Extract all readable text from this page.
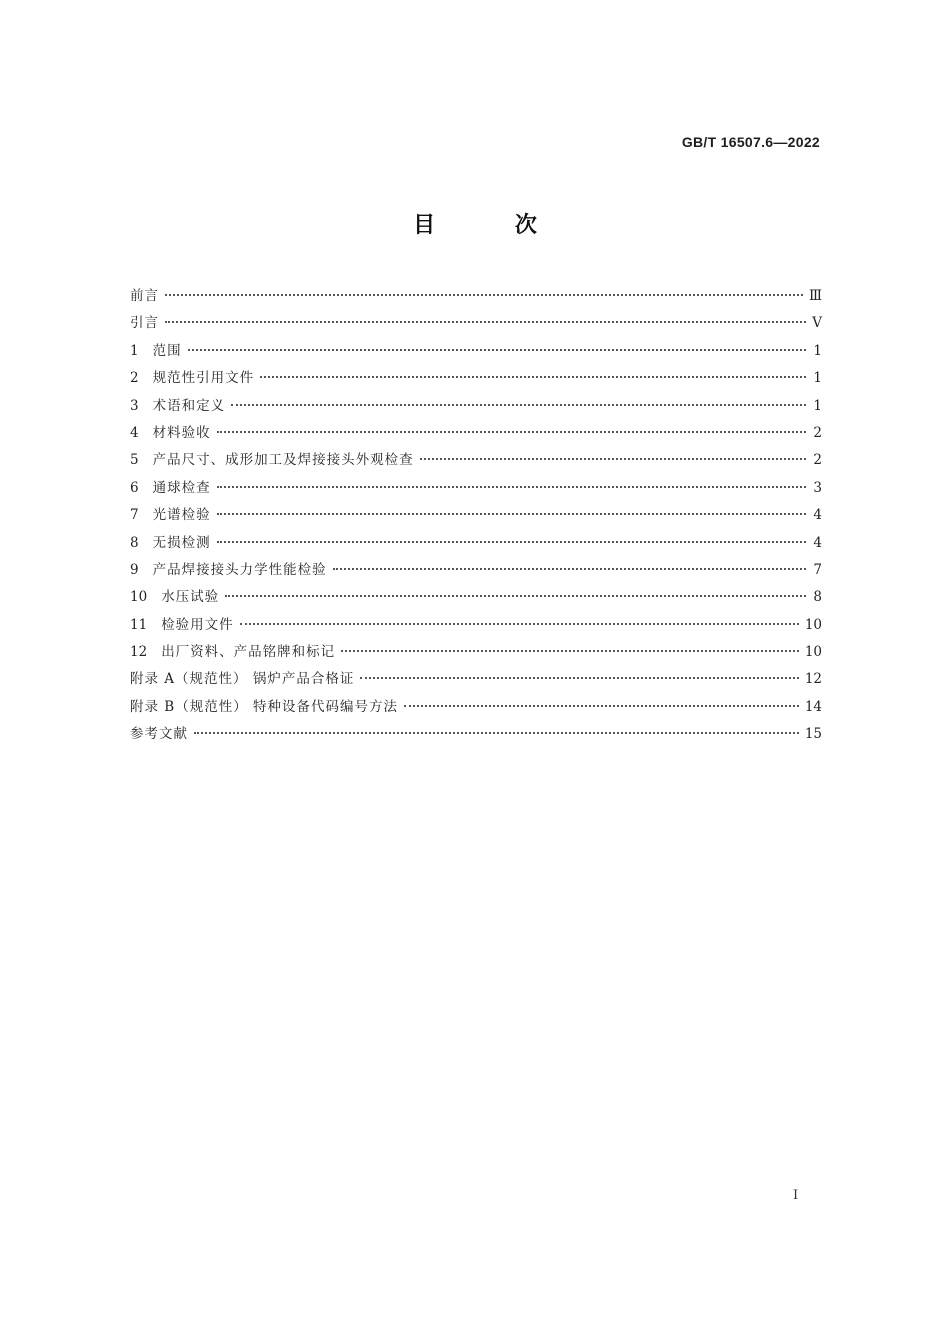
GB/T 16507.6—2022
目 次
前言	Ⅲ
引言	Ⅴ
1 范围	1
2 规范性引用文件	1
3 术语和定义	1
4 材料验收	2
5 产品尺寸、成形加工及焊接接头外观检查	2
6 通球检查	3
7 光谱检验	4
8 无损检测	4
9 产品焊接接头力学性能检验	7
10 水压试验	8
11 检验用文件	10
12 出厂资料、产品铭牌和标记	10
附录 A（规范性） 锅炉产品合格证	12
附录 B（规范性） 特种设备代码编号方法	14
参考文献	15
Ⅰ
